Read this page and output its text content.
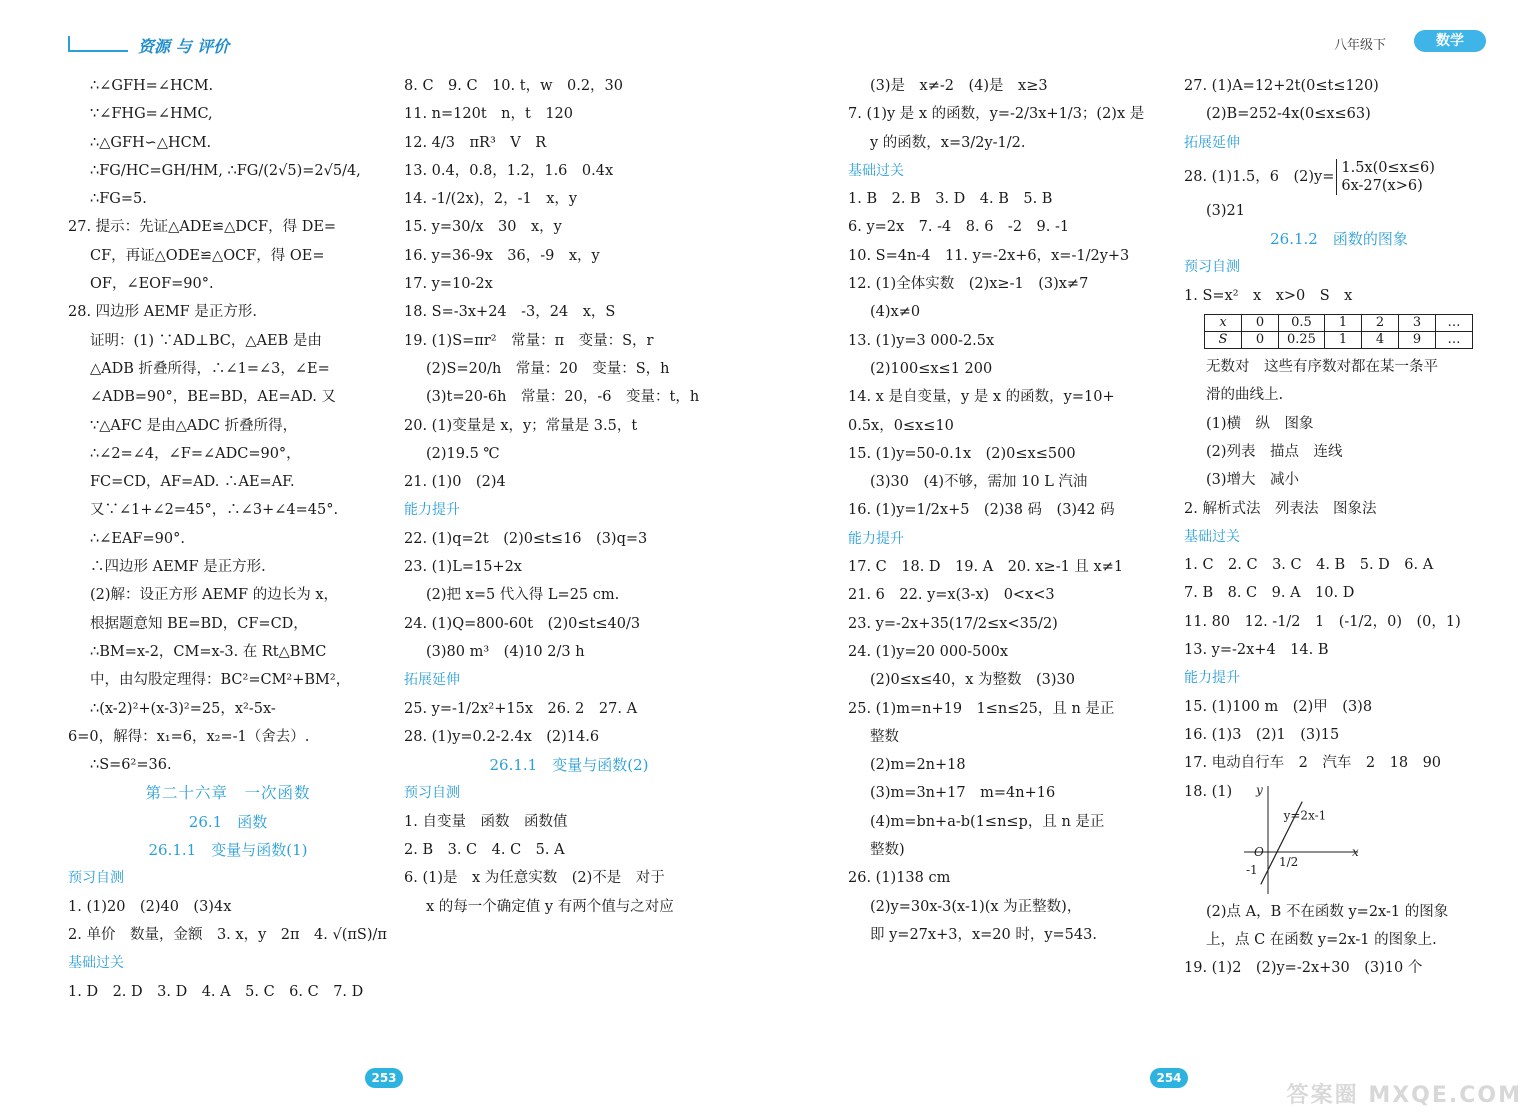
资源 与 评价	八年级下	数学
∴∠GFH=∠HCM.
∵∠FHG=∠HMC,
∴△GFH∽△HCM.
∴FG/HC=GH/HM, ∴FG/(2√5)=2√5/4,
∴FG=5.
27. 提示：先证△ADE≌△DCF，得 DE=
CF，再证△ODE≌△OCF，得 OE=
OF，∠EOF=90°.
28. 四边形 AEMF 是正方形.
证明：(1) ∵AD⊥BC，△AEB 是由
△ADB 折叠所得，∴∠1=∠3，∠E=
∠ADB=90°，BE=BD，AE=AD. 又
∵△AFC 是由△ADC 折叠所得，
∴∠2=∠4，∠F=∠ADC=90°，
FC=CD，AF=AD. ∴AE=AF.
又∵∠1+∠2=45°，∴∠3+∠4=45°.
∴∠EAF=90°.
∴四边形 AEMF 是正方形.
(2)解：设正方形 AEMF 的边长为 x，
根据题意知 BE=BD，CF=CD，
∴BM=x-2，CM=x-3. 在 Rt△BMC
中，由勾股定理得：BC²=CM²+BM²，
∴(x-2)²+(x-3)²=25，x²-5x-
6=0，解得：x₁=6，x₂=-1（舍去）.
∴S=6²=36.
第二十六章　一次函数
26.1　函数
26.1.1　变量与函数(1)
预习自测
1. (1)20　(2)40　(3)4x
2. 单价　数量，金额　3. x，y　2π　4. √(πS)/π
基础过关
1. D　2. D　3. D　4. A　5. C　6. C　7. D
8. C　9. C　10. t，w　0.2，30
11. n=120t　n，t　120
12. 4/3　πR³　V　R
13. 0.4，0.8，1.2，1.6　0.4x
14. -1/(2x)，2，-1　x，y
15. y=30/x　30　x，y
16. y=36-9x　36，-9　x，y
17. y=10-2x
18. S=-3x+24　-3，24　x，S
19. (1)S=πr²　常量：π　变量：S，r
(2)S=20/h　常量：20　变量：S，h
(3)t=20-6h　常量：20，-6　变量：t，h
20. (1)变量是 x，y；常量是 3.5，t
(2)19.5 ℃
21. (1)0　(2)4
能力提升
22. (1)q=2t　(2)0≤t≤16　(3)q=3
23. (1)L=15+2x
(2)把 x=5 代入得 L=25 cm.
24. (1)Q=800-60t　(2)0≤t≤40/3
(3)80 m³　(4)10 2/3 h
拓展延伸
25. y=-1/2x²+15x　26. 2　27. A
28. (1)y=0.2-2.4x　(2)14.6
26.1.1　变量与函数(2)
预习自测
1. 自变量　函数　函数值
2. B　3. C　4. C　5. A
6. (1)是　x 为任意实数　(2)不是　对于
x 的每一个确定值 y 有两个值与之对应
(3)是　x≠-2　(4)是　x≥3
7. (1)y 是 x 的函数，y=-2/3x+1/3；(2)x 是
y 的函数，x=3/2y-1/2.
基础过关
1. B　2. B　3. D　4. B　5. B
6. y=2x　7. -4　8. 6　-2　9. -1
10. S=4n-4　11. y=-2x+6，x=-1/2y+3
12. (1)全体实数　(2)x≥-1　(3)x≠7
(4)x≠0
13. (1)y=3 000-2.5x
(2)100≤x≤1 200
14. x 是自变量，y 是 x 的函数，y=10+
0.5x，0≤x≤10
15. (1)y=50-0.1x　(2)0≤x≤500
(3)30　(4)不够，需加 10 L 汽油
16. (1)y=1/2x+5　(2)38 码　(3)42 码
能力提升
17. C　18. D　19. A　20. x≥-1 且 x≠1
21. 6　22. y=x(3-x)　0<x<3
23. y=-2x+35(17/2≤x<35/2)
24. (1)y=20 000-500x
(2)0≤x≤40，x 为整数　(3)30
25. (1)m=n+19　1≤n≤25，且 n 是正
整数
(2)m=2n+18
(3)m=3n+17　m=4n+16
(4)m=bn+a-b(1≤n≤p，且 n 是正
整数)
26. (1)138 cm
(2)y=30x-3(x-1)(x 为正整数)，
即 y=27x+3，x=20 时，y=543.
27. (1)A=12+2t(0≤t≤120)
(2)B=252-4x(0≤x≤63)
拓展延伸
28. (1)1.5，6　(2)y=
1.5x(0≤x≤6)
6x-27(x>6)
(3)21
26.1.2　函数的图象
预习自测
1. S=x²　x　x>0　S　x
x	0	0.5	1	2	3	…
S	0	0.25	1	4	9	…
无数对　这些有序数对都在某一条平
滑的曲线上.
(1)横　纵　图象
(2)列表　描点　连线
(3)增大　减小
2. 解析式法　列表法　图象法
基础过关
1. C　2. C　3. C　4. B　5. D　6. A
7. B　8. C　9. A　10. D
11. 80　12. -1/2　1　(-1/2，0)　(0，1)
13. y=-2x+4　14. B
能力提升
15. (1)100 m　(2)甲　(3)8
16. (1)3　(2)1　(3)15
17. 电动自行车　2　汽车　2　18　90
18. (1) y
x
O
y=2x-1
1/2
-1
(2)点 A，B 不在函数 y=2x-1 的图象
上，点 C 在函数 y=2x-1 的图象上.
19. (1)2　(2)y=-2x+30　(3)10 个
253	254
答案圈 MXQE.COM
